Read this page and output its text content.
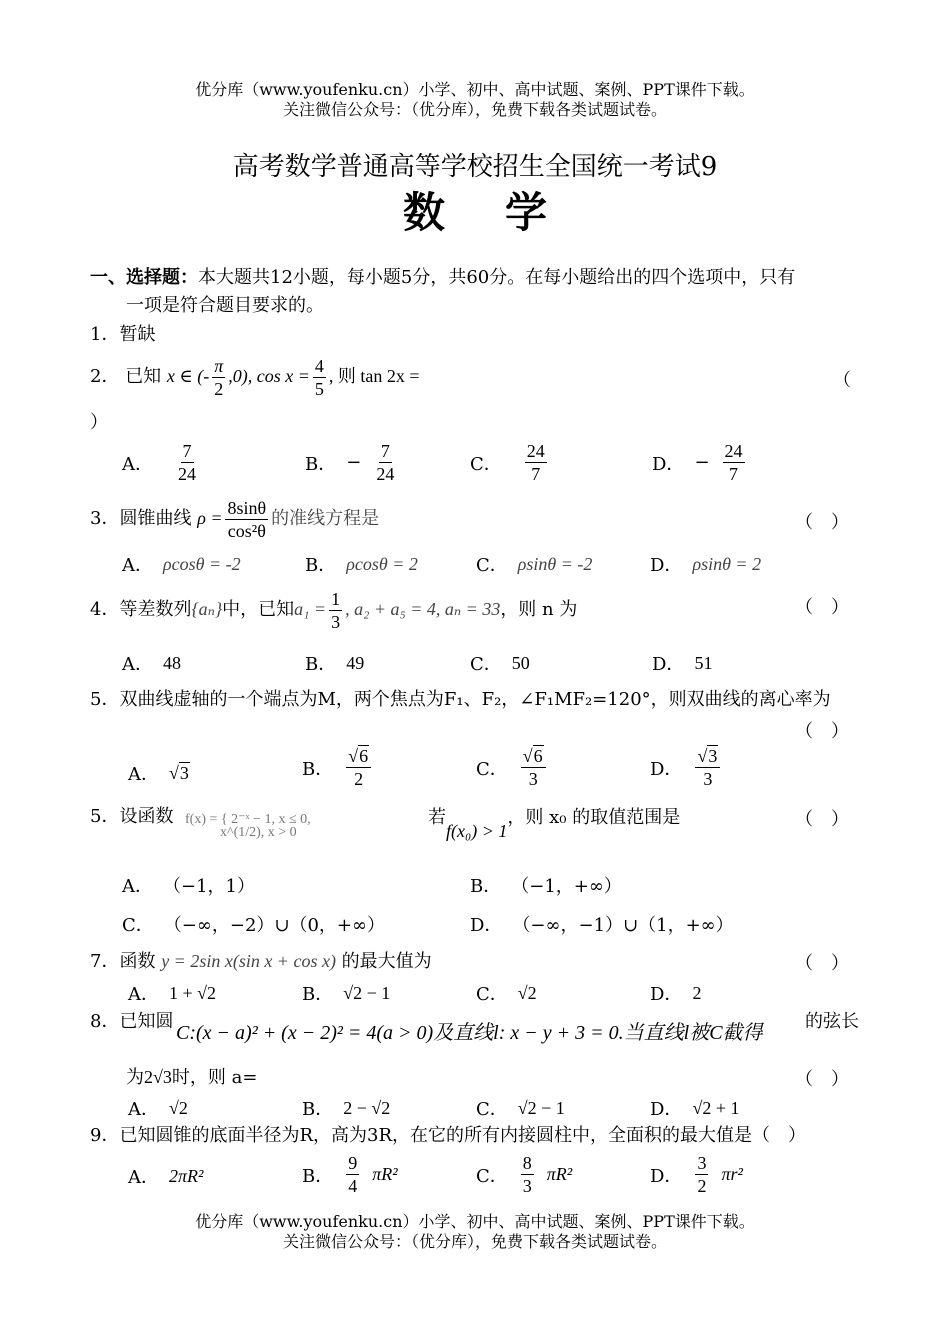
优分库（www.youfenku.cn）小学、初中、高中试题、案例、PPT课件下载。
关注微信公众号：（优分库），免费下载各类试题试卷。
高考数学普通高等学校招生全国统一考试9
数学
一、选择题：本大题共12小题，每小题5分，共60分。在每小题给出的四个选项中，只有
一项是符合题目要求的。
1．暂缺
2． 已知 x ∈ (- $\frac{\pi}{2} ,0$), $\cos x = \frac{4}{5}$ , 则 tan 2x =	（
）
A． $\frac{7}{24}$	B． − $\frac{7}{24}$	C． $\frac{24}{7}$	D． − $\frac{24}{7}$
3．圆锥曲线 $\rho = \frac{8\sin\theta}{\text{cos²θ}}$ 的准线方程是	（　）
A． ρcosθ = -2	B． ρcosθ = 2	C． ρsinθ = -2	D． ρsinθ = 2
4．等差数列{aₙ}中，已知$a_1 = \frac{1}{3}$ , a₂ + a₅ = 4, aₙ = 33，则 n 为	（　）
A． 48	B． 49	C． 50	D． 51
5．双曲线虚轴的一个端点为M，两个焦点为F₁、F₂，∠F₁MF₂=120°，则双曲线的离心率为
（　）
A． √3	B． $\frac{√6}{2}$	C． $\frac{√6}{3}$	D． $\frac{√3}{3}$
5．设函数 f(x) = { 2⁻ˣ − 1, x ≤ 0,
x^(1/2), x > 0
若f(x₀) > 1，则 x₀ 的取值范围是	（　）
A． （−1，1）	B． （−1，+∞）
C． （−∞，−2）∪（0，+∞）	D． （−∞，−1）∪（1，+∞）
7．函数 y = 2sin x(sin x + cos x) 的最大值为	（　）
A． 1 + √2	B． √2 − 1	C． √2	D． 2
8．已知圆
C:(x − a)² + (x − 2)² = 4(a > 0)及直线l: x − y + 3 = 0.当直线l被C截得
的弦长
为2√3时，则 a=	（　）
A． √2	B． 2 − √2	C． √2 − 1	D． √2 + 1
9．已知圆锥的底面半径为R，高为3R，在它的所有内接圆柱中，全面积的最大值是（　）
A． 2πR²	B． $\frac{9}{4} \pi R^2$	C． $\frac{8}{3} \pi R^2$	D． $\frac{3}{2} \pi r^2$
优分库（www.youfenku.cn）小学、初中、高中试题、案例、PPT课件下载。
关注微信公众号：（优分库），免费下载各类试题试卷。
